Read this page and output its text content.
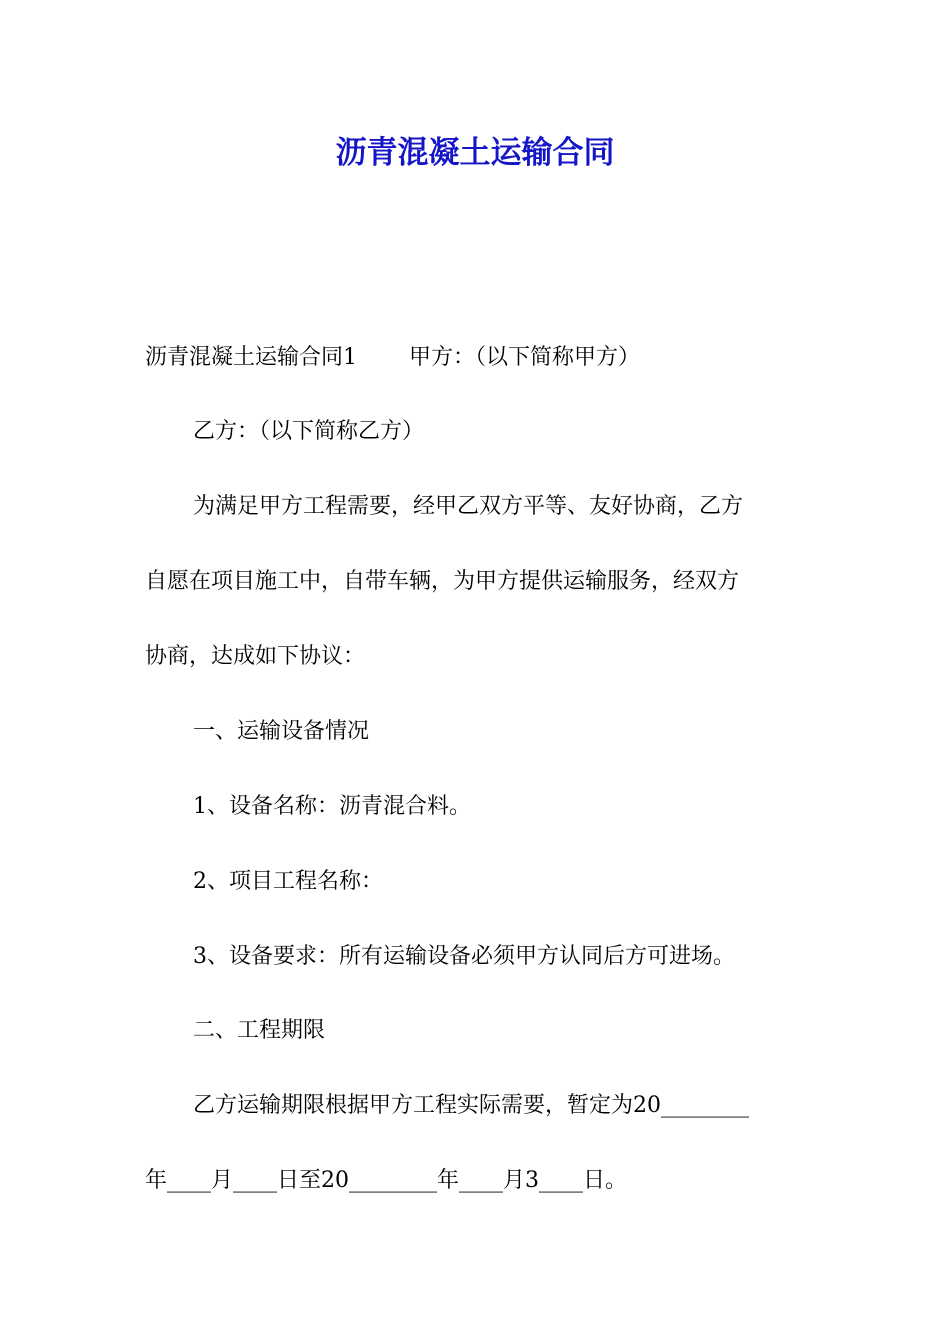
沥青混凝土运输合同

沥青混凝土运输合同1 甲方：（以下简称甲方）

乙方：（以下简称乙方）

为满足甲方工程需要，经甲乙双方平等、友好协商，乙方

自愿在项目施工中，自带车辆，为甲方提供运输服务，经双方

协商，达成如下协议：

一、运输设备情况

1、设备名称：沥青混合料。

2、项目工程名称：

3、设备要求：所有运输设备必须甲方认同后方可进场。

二、工程期限

乙方运输期限根据甲方工程实际需要，暂定为20________

年____月____日至20________年____月3____日。
